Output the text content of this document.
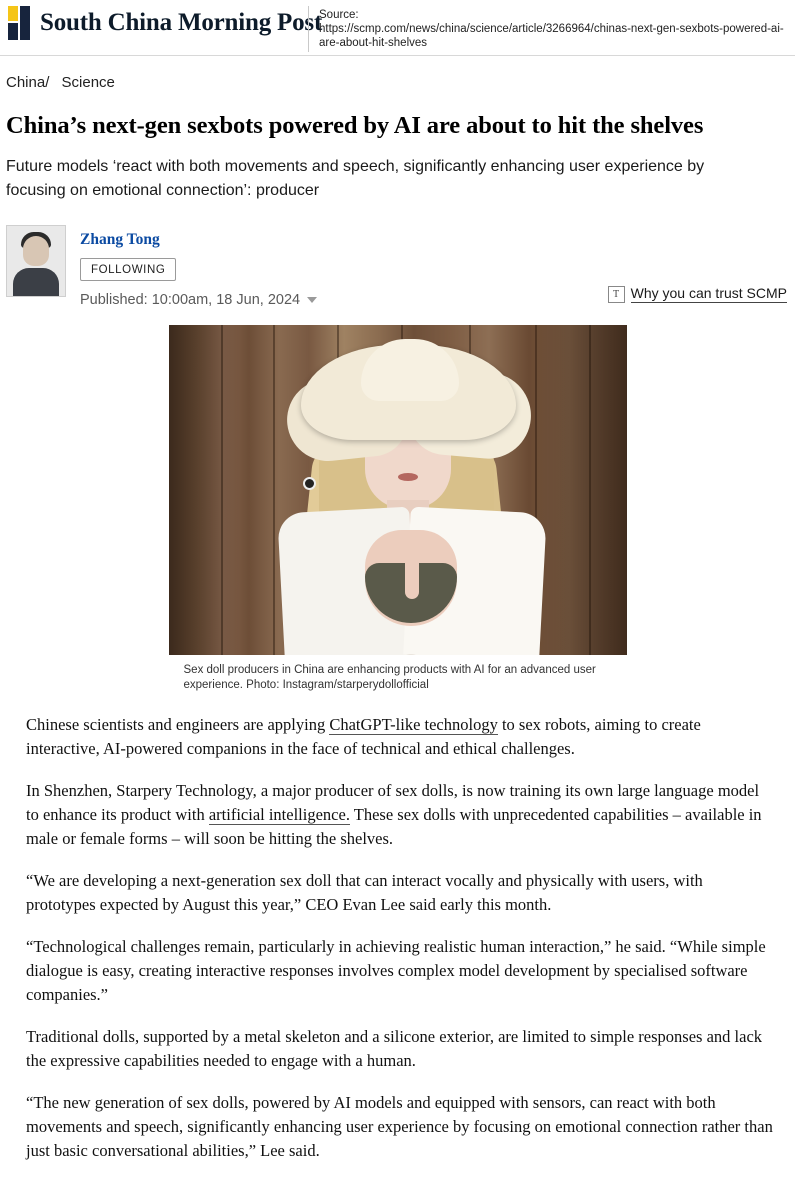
South China Morning Post
Source:
https://scmp.com/news/china/science/article/3266964/chinas-next-gen-sexbots-powered-ai-are-about-hit-shelves
China/ Science
China’s next-gen sexbots powered by AI are about to hit the shelves
Future models ‘react with both movements and speech, significantly enhancing user experience by focusing on emotional connection’: producer
Zhang Tong
FOLLOWING
Published: 10:00am, 18 Jun, 2024	T Why you can trust SCMP
Sex doll producers in China are enhancing products with AI for an advanced user experience. Photo: Instagram/starperydollofficial

Chinese scientists and engineers are applying ChatGPT-like technology to sex robots, aiming to create interactive, AI-powered companions in the face of technical and ethical challenges.

In Shenzhen, Starpery Technology, a major producer of sex dolls, is now training its own large language model to enhance its product with artificial intelligence. These sex dolls with unprecedented capabilities – available in male or female forms – will soon be hitting the shelves.

“We are developing a next-generation sex doll that can interact vocally and physically with users, with prototypes expected by August this year,” CEO Evan Lee said early this month.

“Technological challenges remain, particularly in achieving realistic human interaction,” he said. “While simple dialogue is easy, creating interactive responses involves complex model development by specialised software companies.”

Traditional dolls, supported by a metal skeleton and a silicone exterior, are limited to simple responses and lack the expressive capabilities needed to engage with a human.

“The new generation of sex dolls, powered by AI models and equipped with sensors, can react with both movements and speech, significantly enhancing user experience by focusing on emotional connection rather than just basic conversational abilities,” Lee said.
